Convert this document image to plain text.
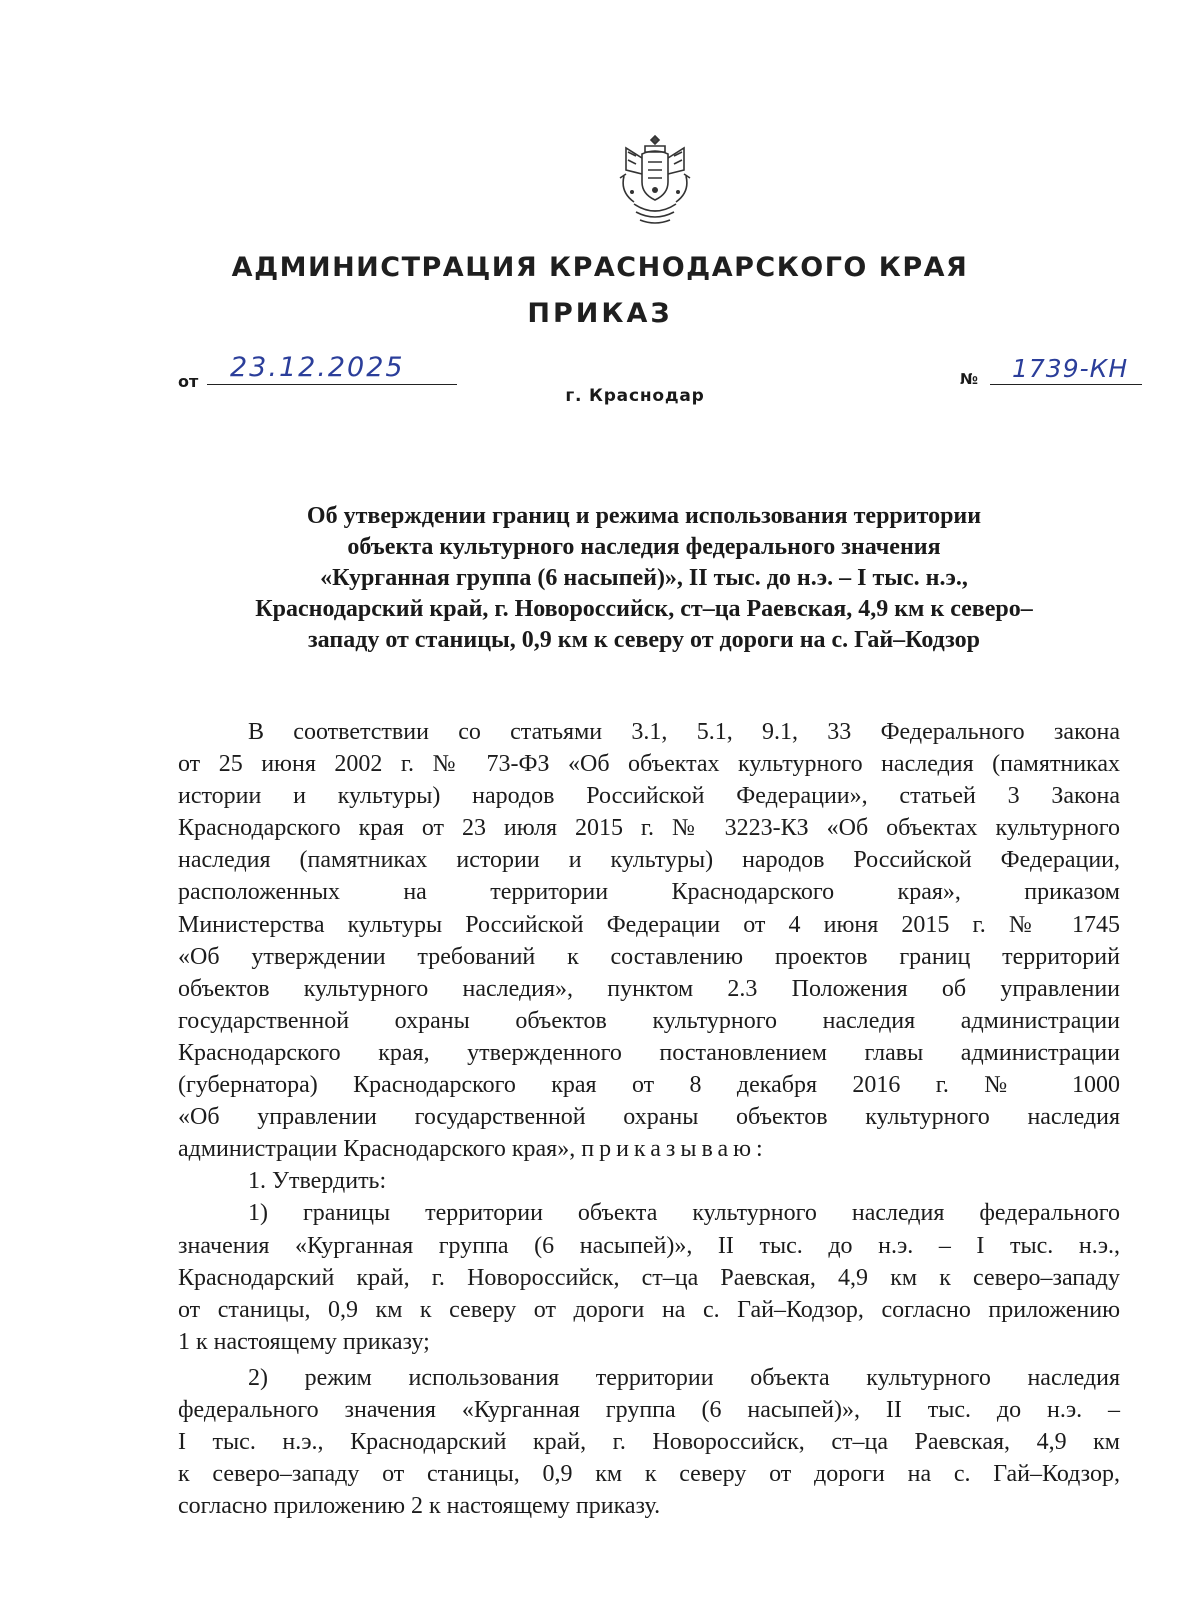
АДМИНИСТРАЦИЯ КРАСНОДАРСКОГО КРАЯ
ПРИКАЗ
от 23.12.2025	№ 1739-КН
г. Краснодар
Об утверждении границ и режима использования территории
объекта культурного наследия федерального значения
«Курганная группа (6 насыпей)», II тыс. до н.э. – I тыс. н.э.,
Краснодарский край, г. Новороссийск, ст–ца Раевская, 4,9 км к северо–
западу от станицы, 0,9 км к северу от дороги на с. Гай–Кодзор
В соответствии со статьями 3.1, 5.1, 9.1, 33 Федерального закона
от 25 июня 2002 г. № 73-ФЗ «Об объектах культурного наследия (памятниках
истории и культуры) народов Российской Федерации», статьей 3 Закона
Краснодарского края от 23 июля 2015 г. № 3223-КЗ «Об объектах культурного
наследия (памятниках истории и культуры) народов Российской Федерации,
расположенных на территории Краснодарского края», приказом
Министерства культуры Российской Федерации от 4 июня 2015 г. № 1745
«Об утверждении требований к составлению проектов границ территорий
объектов культурного наследия», пунктом 2.3 Положения об управлении
государственной охраны объектов культурного наследия администрации
Краснодарского края, утвержденного постановлением главы администрации
(губернатора) Краснодарского края от 8 декабря 2016 г. № 1000
«Об управлении государственной охраны объектов культурного наследия
администрации Краснодарского края», приказываю:
1. Утвердить:
1) границы территории объекта культурного наследия федерального
значения «Курганная группа (6 насыпей)», II тыс. до н.э. – I тыс. н.э.,
Краснодарский край, г. Новороссийск, ст–ца Раевская, 4,9 км к северо–западу
от станицы, 0,9 км к северу от дороги на с. Гай–Кодзор, согласно приложению
1 к настоящему приказу;
2) режим использования территории объекта культурного наследия
федерального значения «Курганная группа (6 насыпей)», II тыс. до н.э. –
I тыс. н.э., Краснодарский край, г. Новороссийск, ст–ца Раевская, 4,9 км
к северо–западу от станицы, 0,9 км к северу от дороги на с. Гай–Кодзор,
согласно приложению 2 к настоящему приказу.
